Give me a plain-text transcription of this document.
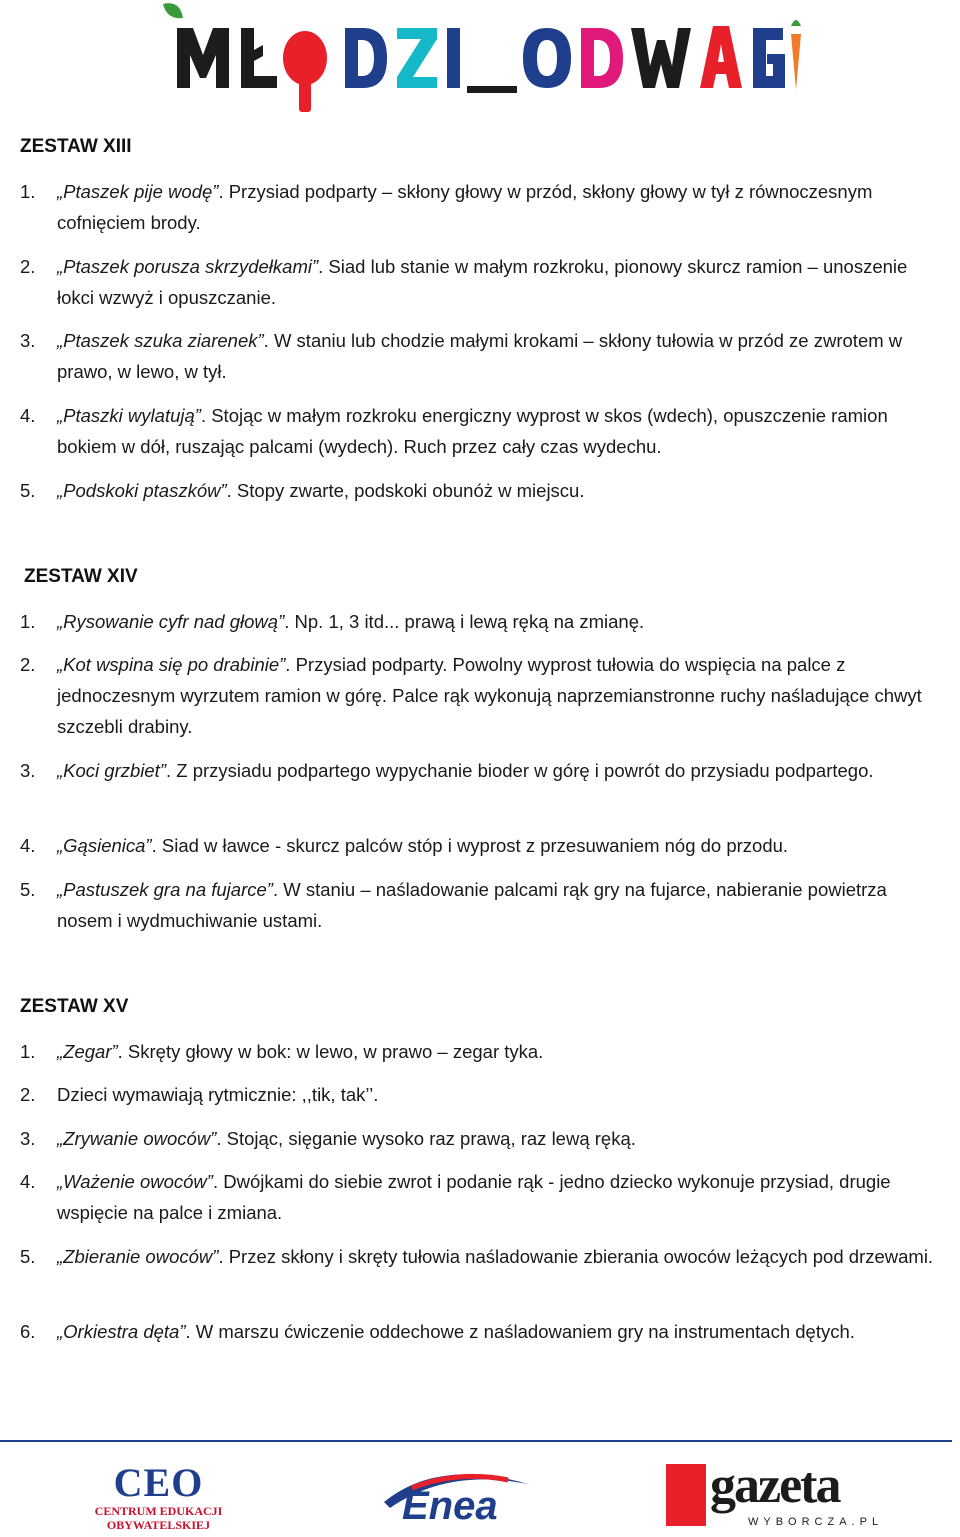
ZESTAW XIII
1. „Ptaszek pije wodę”. Przysiad podparty – skłony głowy w przód, skłony głowy w tył z równoczesnym cofnięciem brody.
2. „Ptaszek porusza skrzydełkami”. Siad lub stanie w małym rozkroku, pionowy skurcz ramion – unoszenie łokci wzwyż i opuszczanie.
3. „Ptaszek szuka ziarenek”. W staniu lub chodzie małymi krokami – skłony tułowia w przód ze zwrotem w prawo, w lewo, w tył.
4. „Ptaszki wylatują”. Stojąc w małym rozkroku energiczny wyprost w skos (wdech), opuszczenie ramion bokiem w dół, ruszając palcami (wydech). Ruch przez cały czas wydechu.
5. „Podskoki ptaszków”. Stopy zwarte, podskoki obunóż w miejscu.
ZESTAW XIV
1. „Rysowanie cyfr nad głową”. Np. 1, 3 itd... prawą i lewą ręką na zmianę.
2. „Kot wspina się po drabinie”. Przysiad podparty. Powolny wyprost tułowia do wspięcia na palce z jednoczesnym wyrzutem ramion w górę. Palce rąk wykonują naprzemianstronne ruchy naśladujące chwyt szczebli drabiny.
3. „Koci grzbiet”. Z przysiadu podpartego wypychanie bioder w górę i powrót do przysiadu podpartego.
4. „Gąsienica”. Siad w ławce - skurcz palców stóp i wyprost z przesuwaniem nóg do przodu.
5. „Pastuszek gra na fujarce”. W staniu – naśladowanie palcami rąk gry na fujarce, nabieranie powietrza nosem i wydmuchiwanie ustami.
ZESTAW XV
1. „Zegar”. Skręty głowy w bok: w lewo, w prawo – zegar tyka.
2. Dzieci wymawiają rytmicznie: ,,tik, tak’’.
3. „Zrywanie owoców”. Stojąc, sięganie wysoko raz prawą, raz lewą ręką.
4. „Ważenie owoców”. Dwójkami do siebie zwrot i podanie rąk - jedno dziecko wykonuje przysiad, drugie wspięcie na palce i zmiana.
5. „Zbieranie owoców”. Przez skłony i skręty tułowia naśladowanie zbierania owoców leżących pod drzewami.
6. „Orkiestra dęta”. W marszu ćwiczenie oddechowe z naśladowaniem gry na instrumentach dętych.
CEO
CENTRUM EDUKACJI
OBYWATELSKIEJ	Enea	gazeta
WYBORCZA.PL
